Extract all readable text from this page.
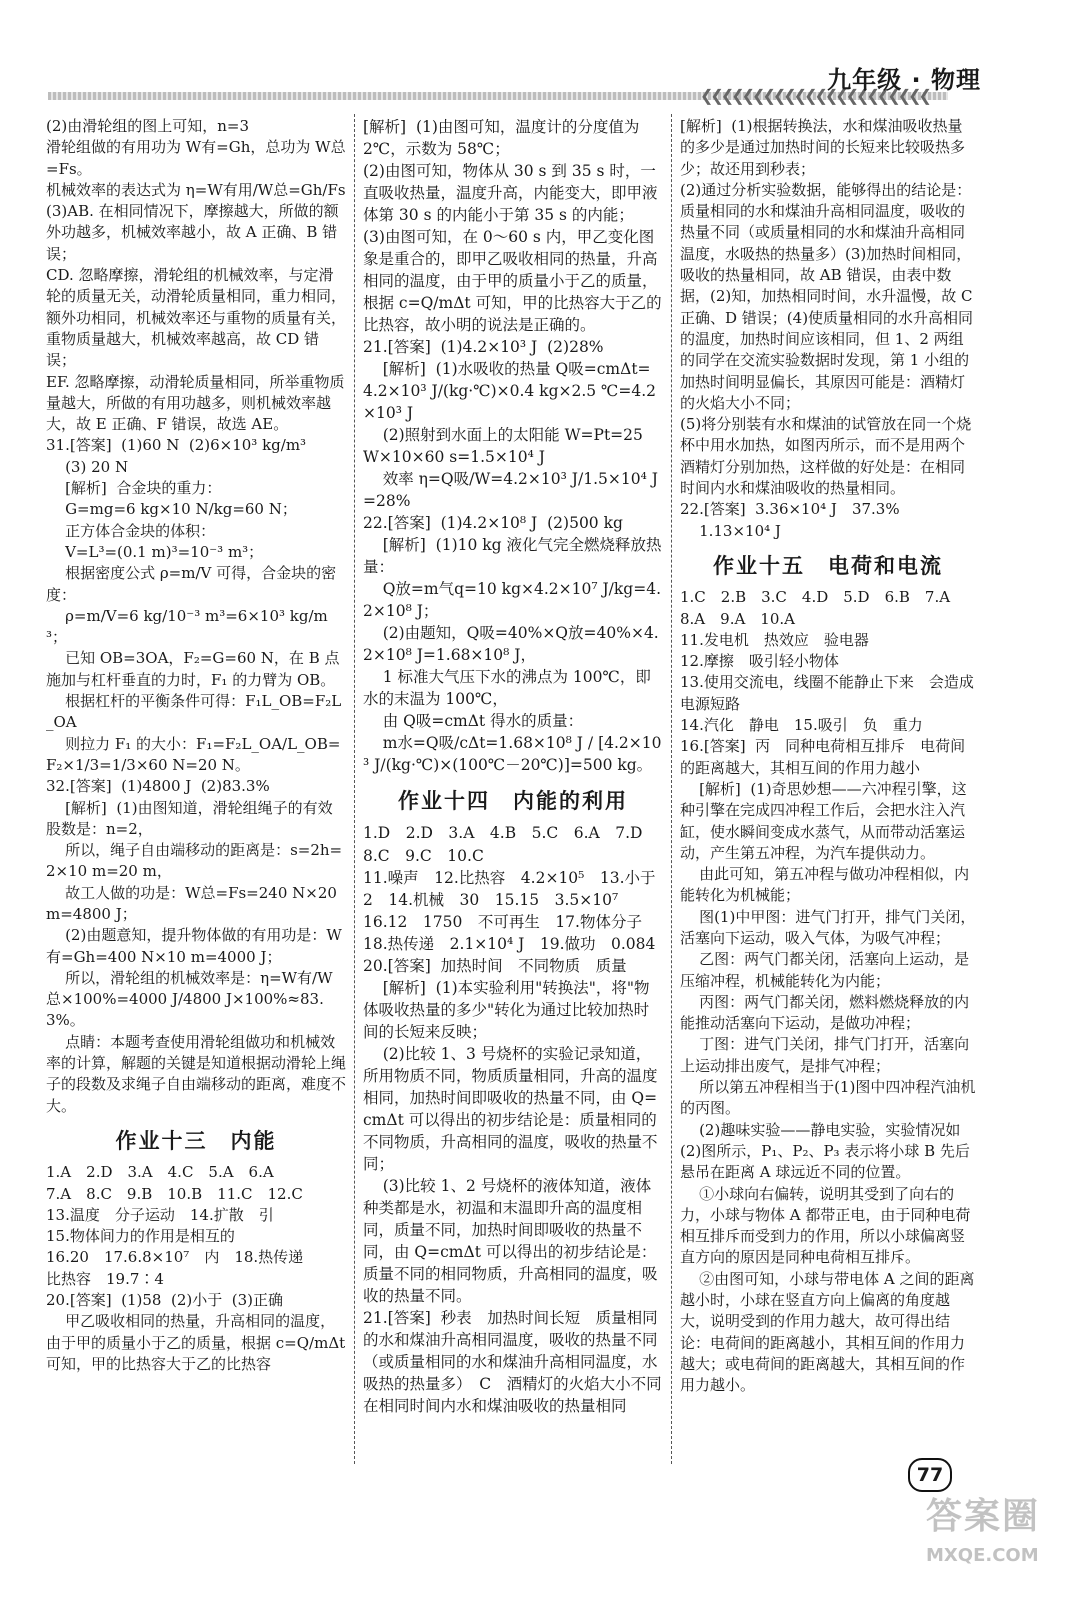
❮❮❮❮❮❮❮❮❮❮❮❮❮❮❮❮❮❮❮❮❮❮
九年级 · 物理

(2)由滑轮组的图上可知，n=3

滑轮组做的有用功为 W有=Gh，总功为 W总=Fs。

机械效率的表达式为 η=W有用/W总=Gh/Fs

(3)AB. 在相同情况下，摩擦越大，所做的额外功越多，机械效率越小，故 A 正确、B 错误；

CD. 忽略摩擦，滑轮组的机械效率，与定滑轮的质量无关，动滑轮质量相同，重力相同，额外功相同，机械效率还与重物的质量有关，重物质量越大，机械效率越高，故 CD 错误；

EF. 忽略摩擦，动滑轮质量相同，所举重物质量越大，所做的有用功越多，则机械效率越大，故 E 正确、F 错误，故选 AE。

31.[答案]  (1)60 N  (2)6×10³ kg/m³

(3) 20 N

[解析]  合金块的重力：

G=mg=6 kg×10 N/kg=60 N；

正方体合金块的体积：

V=L³=(0.1 m)³=10⁻³ m³；

根据密度公式 ρ=m/V 可得，合金块的密度：

ρ=m/V=6 kg/10⁻³ m³=6×10³ kg/m³；

已知 OB=3OA，F₂=G=60 N，在 B 点施加与杠杆垂直的力时，F₁ 的力臂为 OB。

根据杠杆的平衡条件可得：F₁L_OB=F₂L_OA

则拉力 F₁ 的大小：F₁=F₂L_OA/L_OB=F₂×1/3=1/3×60 N=20 N。

32.[答案]  (1)4800 J  (2)83.3%

[解析]  (1)由图知道，滑轮组绳子的有效股数是：n=2，

所以，绳子自由端移动的距离是：s=2h=2×10 m=20 m，

故工人做的功是：W总=Fs=240 N×20 m=4800 J；

(2)由题意知，提升物体做的有用功是：W有=Gh=400 N×10 m=4000 J；

所以，滑轮组的机械效率是：η=W有/W总×100%=4000 J/4800 J×100%≈83.3%。

点睛：本题考查使用滑轮组做功和机械效率的计算，解题的关键是知道根据动滑轮上绳子的段数及求绳子自由端移动的距离，难度不大。

作业十三　内能

1.A　2.D　3.A　4.C　5.A　6.A

7.A　8.C　9.B　10.B　11.C　12.C

13.温度　分子运动　14.扩散　引

15.物体间力的作用是相互的

16.20　17.6.8×10⁷　内　18.热传递

比热容　19.7∶4

20.[答案]  (1)58  (2)小于  (3)正确

甲乙吸收相同的热量，升高相同的温度，由于甲的质量小于乙的质量，根据 c=Q/mΔt 可知，甲的比热容大于乙的比热容

[解析]  (1)由图可知，温度计的分度值为 2℃，示数为 58℃；

(2)由图可知，物体从 30 s 到 35 s 时，一直吸收热量，温度升高，内能变大，即甲液体第 30 s 的内能小于第 35 s 的内能；

(3)由图可知，在 0～60 s 内，甲乙变化图象是重合的，即甲乙吸收相同的热量，升高相同的温度，由于甲的质量小于乙的质量，根据 c=Q/mΔt 可知，甲的比热容大于乙的比热容，故小明的说法是正确的。

21.[答案]  (1)4.2×10³ J  (2)28%

[解析]  (1)水吸收的热量 Q吸=cmΔt=4.2×10³ J/(kg·℃)×0.4 kg×2.5 ℃=4.2×10³ J

(2)照射到水面上的太阳能 W=Pt=25 W×10×60 s=1.5×10⁴ J

效率 η=Q吸/W=4.2×10³ J/1.5×10⁴ J=28%

22.[答案]  (1)4.2×10⁸ J  (2)500 kg

[解析]  (1)10 kg 液化气完全燃烧释放热量：

Q放=m气q=10 kg×4.2×10⁷ J/kg=4.2×10⁸ J；

(2)由题知，Q吸=40%×Q放=40%×4.2×10⁸ J=1.68×10⁸ J，

1 标准大气压下水的沸点为 100℃，即水的末温为 100℃，

由 Q吸=cmΔt 得水的质量：

m水=Q吸/cΔt=1.68×10⁸ J / [4.2×10³ J/(kg·℃)×(100℃－20℃)]=500 kg。

作业十四　内能的利用

1.D　2.D　3.A　4.B　5.C　6.A　7.D

8.C　9.C　10.C

11.噪声　12.比热容　4.2×10⁵　13.小于　2　14.机械　30　15.15　3.5×10⁷

16.12　1750　不可再生　17.物体分子　18.热传递　2.1×10⁴ J　19.做功　0.084

20.[答案]  加热时间　不同物质　质量

[解析]  (1)本实验利用"转换法"，将"物体吸收热量的多少"转化为通过比较加热时间的长短来反映；

(2)比较 1、3 号烧杯的实验记录知道，所用物质不同，物质质量相同，升高的温度相同，加热时间即吸收的热量不同，由 Q=cmΔt 可以得出的初步结论是：质量相同的不同物质，升高相同的温度，吸收的热量不同；

(3)比较 1、2 号烧杯的液体知道，液体种类都是水，初温和末温即升高的温度相同，质量不同，加热时间即吸收的热量不同，由 Q=cmΔt 可以得出的初步结论是：质量不同的相同物质，升高相同的温度，吸收的热量不同。

21.[答案]  秒表　加热时间长短　质量相同的水和煤油升高相同温度，吸收的热量不同（或质量相同的水和煤油升高相同温度，水吸热的热量多）　C　酒精灯的火焰大小不同　在相同时间内水和煤油吸收的热量相同

[解析]  (1)根据转换法，水和煤油吸收热量的多少是通过加热时间的长短来比较吸热多少；故还用到秒表；

(2)通过分析实验数据，能够得出的结论是：质量相同的水和煤油升高相同温度，吸收的热量不同（或质量相同的水和煤油升高相同温度，水吸热的热量多）(3)加热时间相同，吸收的热量相同，故 AB 错误，由表中数据，(2)知，加热相同时间，水升温慢，故 C 正确、D 错误；(4)使质量相同的水升高相同的温度，加热时间应该相同，但 1、2 两组的同学在交流实验数据时发现，第 1 小组的加热时间明显偏长，其原因可能是：酒精灯的火焰大小不同；

(5)将分别装有水和煤油的试管放在同一个烧杯中用水加热，如图丙所示，而不是用两个酒精灯分别加热，这样做的好处是：在相同时间内水和煤油吸收的热量相同。

22.[答案]  3.36×10⁴ J　37.3%

1.13×10⁴ J

作业十五　电荷和电流

1.C　2.B　3.C　4.D　5.D　6.B　7.A

8.A　9.A　10.A

11.发电机　热效应　验电器

12.摩擦　吸引轻小物体

13.使用交流电，线圈不能静止下来　会造成电源短路

14.汽化　静电　15.吸引　负　重力

16.[答案]  丙　同种电荷相互排斥　电荷间的距离越大，其相互间的作用力越小

[解析]  (1)奇思妙想——六冲程引擎，这种引擎在完成四冲程工作后，会把水注入汽缸，使水瞬间变成水蒸气，从而带动活塞运动，产生第五冲程，为汽车提供动力。

由此可知，第五冲程与做功冲程相似，内能转化为机械能；

图(1)中甲图：进气门打开，排气门关闭，活塞向下运动，吸入气体，为吸气冲程；

乙图：两气门都关闭，活塞向上运动，是压缩冲程，机械能转化为内能；

丙图：两气门都关闭，燃料燃烧释放的内能推动活塞向下运动，是做功冲程；

丁图：进气门关闭，排气门打开，活塞向上运动排出废气，是排气冲程；

所以第五冲程相当于(1)图中四冲程汽油机的丙图。

(2)趣味实验——静电实验，实验情况如(2)图所示，P₁、P₂、P₃ 表示将小球 B 先后悬吊在距离 A 球远近不同的位置。

①小球向右偏转，说明其受到了向右的力，小球与物体 A 都带正电，由于同种电荷相互排斥而受到力的作用，所以小球偏离竖直方向的原因是同种电荷相互排斥。

②由图可知，小球与带电体 A 之间的距离越小时，小球在竖直方向上偏离的角度越大，说明受到的作用力越大，故可得出结论：电荷间的距离越小，其相互间的作用力越大；或电荷间的距离越大，其相互间的作用力越小。

77
答案圈
MXQE.COM
